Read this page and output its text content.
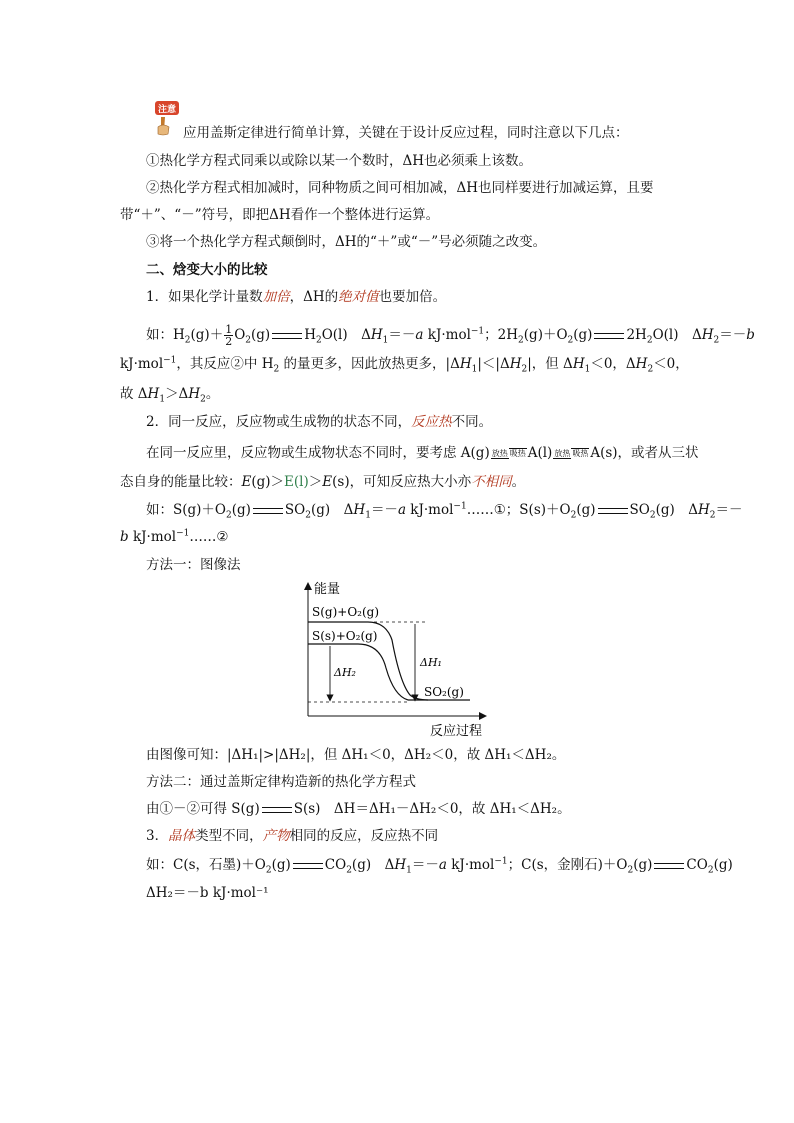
注意
应用盖斯定律进行简单计算，关键在于设计反应过程，同时注意以下几点：
①热化学方程式同乘以或除以某一个数时，ΔH也必须乘上该数。
②热化学方程式相加减时，同种物质之间可相加减，ΔH也同样要进行加减运算，且要
带“＋”、“－”符号，即把ΔH看作一个整体进行运算。
③将一个热化学方程式颠倒时，ΔH的“＋”或“－”号必须随之改变。
二、焓变大小的比较
1．如果化学计量数加倍，ΔH的绝对值也要加倍。
如：$H_2(g)+ \frac{1}{2} O_2(g)$	$H_2O(l)$　$\Delta H_1=-a$ kJ·mol$^{-1}$；$2H_2(g)+O_2(g)$	$2H_2O(l)$　$\Delta H_2=-b$
kJ·mol$^{-1}$，其反应②中 $H_2$ 的量更多，因此放热更多，$|\Delta H_1|<|\Delta H_2|$，但 $\Delta H_1<0$，$\Delta H_2<0$，
故 $\Delta H_1>\Delta H_2$。
2．同一反应，反应物或生成物的状态不同，反应热不同。
在同一反应里，反应物或生成物状态不同时，要考虑 A(g) 放热 吸热 A(l) 放热 吸热 A(s)，或者从三状
态自身的能量比较：E(g)＞E(l)＞E(s)，可知反应热大小亦不相同。
如：$S(g)+O_2(g)$	$SO_2(g)$　$\Delta H_1=-a$ kJ·mol$^{-1}$……①；$S(s)+O_2(g)$	$SO_2(g)$　$\Delta H_2=-$
b kJ·mol$^{-1}$……②
方法一：图像法
能量
反应过程
ΔH₁
ΔH₂
S(g)+O₂(g)
S(s)+O₂(g)
SO₂(g)
由图像可知：|ΔH₁|>|ΔH₂|，但 ΔH₁＜0，ΔH₂＜0，故 ΔH₁＜ΔH₂。
方法二：通过盖斯定律构造新的热化学方程式
由①－②可得 S(g)	S(s)　ΔH＝ΔH₁－ΔH₂＜0，故 ΔH₁＜ΔH₂。
3．晶体类型不同，产物相同的反应，反应热不同
如：C(s，石墨)$+O_2(g)$	$CO_2(g)$　$\Delta H_1=-a$ kJ·mol$^{-1}$；C(s，金刚石)$+O_2(g)$	$CO_2(g)$
ΔH₂＝－b kJ·mol⁻¹
